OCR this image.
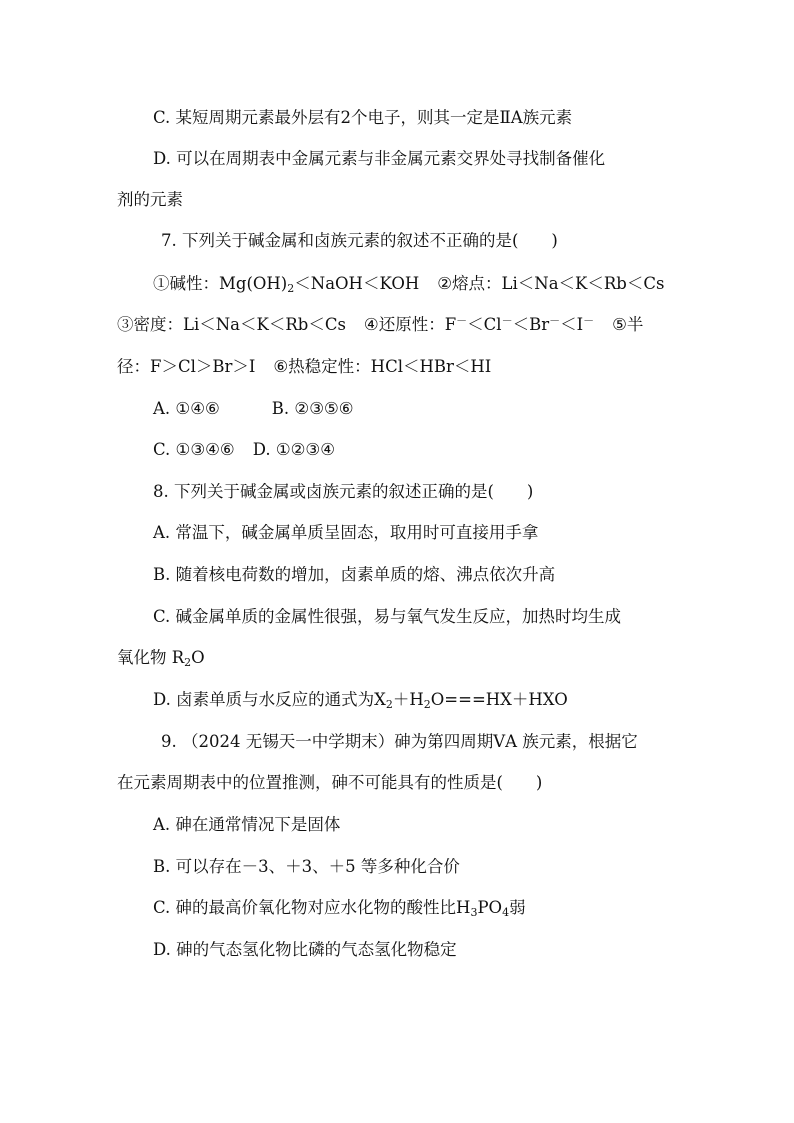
C. 某短周期元素最外层有2个电子，则其一定是ⅡA族元素
D. 可以在周期表中金属元素与非金属元素交界处寻找制备催化
剂的元素
7. 下列关于碱金属和卤族元素的叙述不正确的是(　　)
①碱性：$Mg(OH)_2<NaOH<KOH$ ②熔点：Li＜Na＜K＜Rb＜Cs
③密度：Li＜Na＜K＜Rb＜Cs ④还原性：F－＜Cl－＜Br－＜I－ ⑤半
径：F＞Cl＞Br＞I ⑥热稳定性：HCl＜HBr＜HI
A. ①④⑥	B. ②③⑤⑥
C. ①③④⑥ D. ①②③④
8. 下列关于碱金属或卤族元素的叙述正确的是(　　)
A. 常温下，碱金属单质呈固态，取用时可直接用手拿
B. 随着核电荷数的增加，卤素单质的熔、沸点依次升高
C. 碱金属单质的金属性很强，易与氧气发生反应，加热时均生成
氧化物 $R_2O$
D. 卤素单质与水反应的通式为$X_2+H_2O===HX+HXO$
9. （2024 无锡天一中学期末）砷为第四周期ⅤA 族元素，根据它
在元素周期表中的位置推测，砷不可能具有的性质是(　　)
A. 砷在通常情况下是固体
B. 可以存在－3、＋3、＋5 等多种化合价
C. 砷的最高价氧化物对应水化物的酸性比$H_3PO_4$弱
D. 砷的气态氢化物比磷的气态氢化物稳定
